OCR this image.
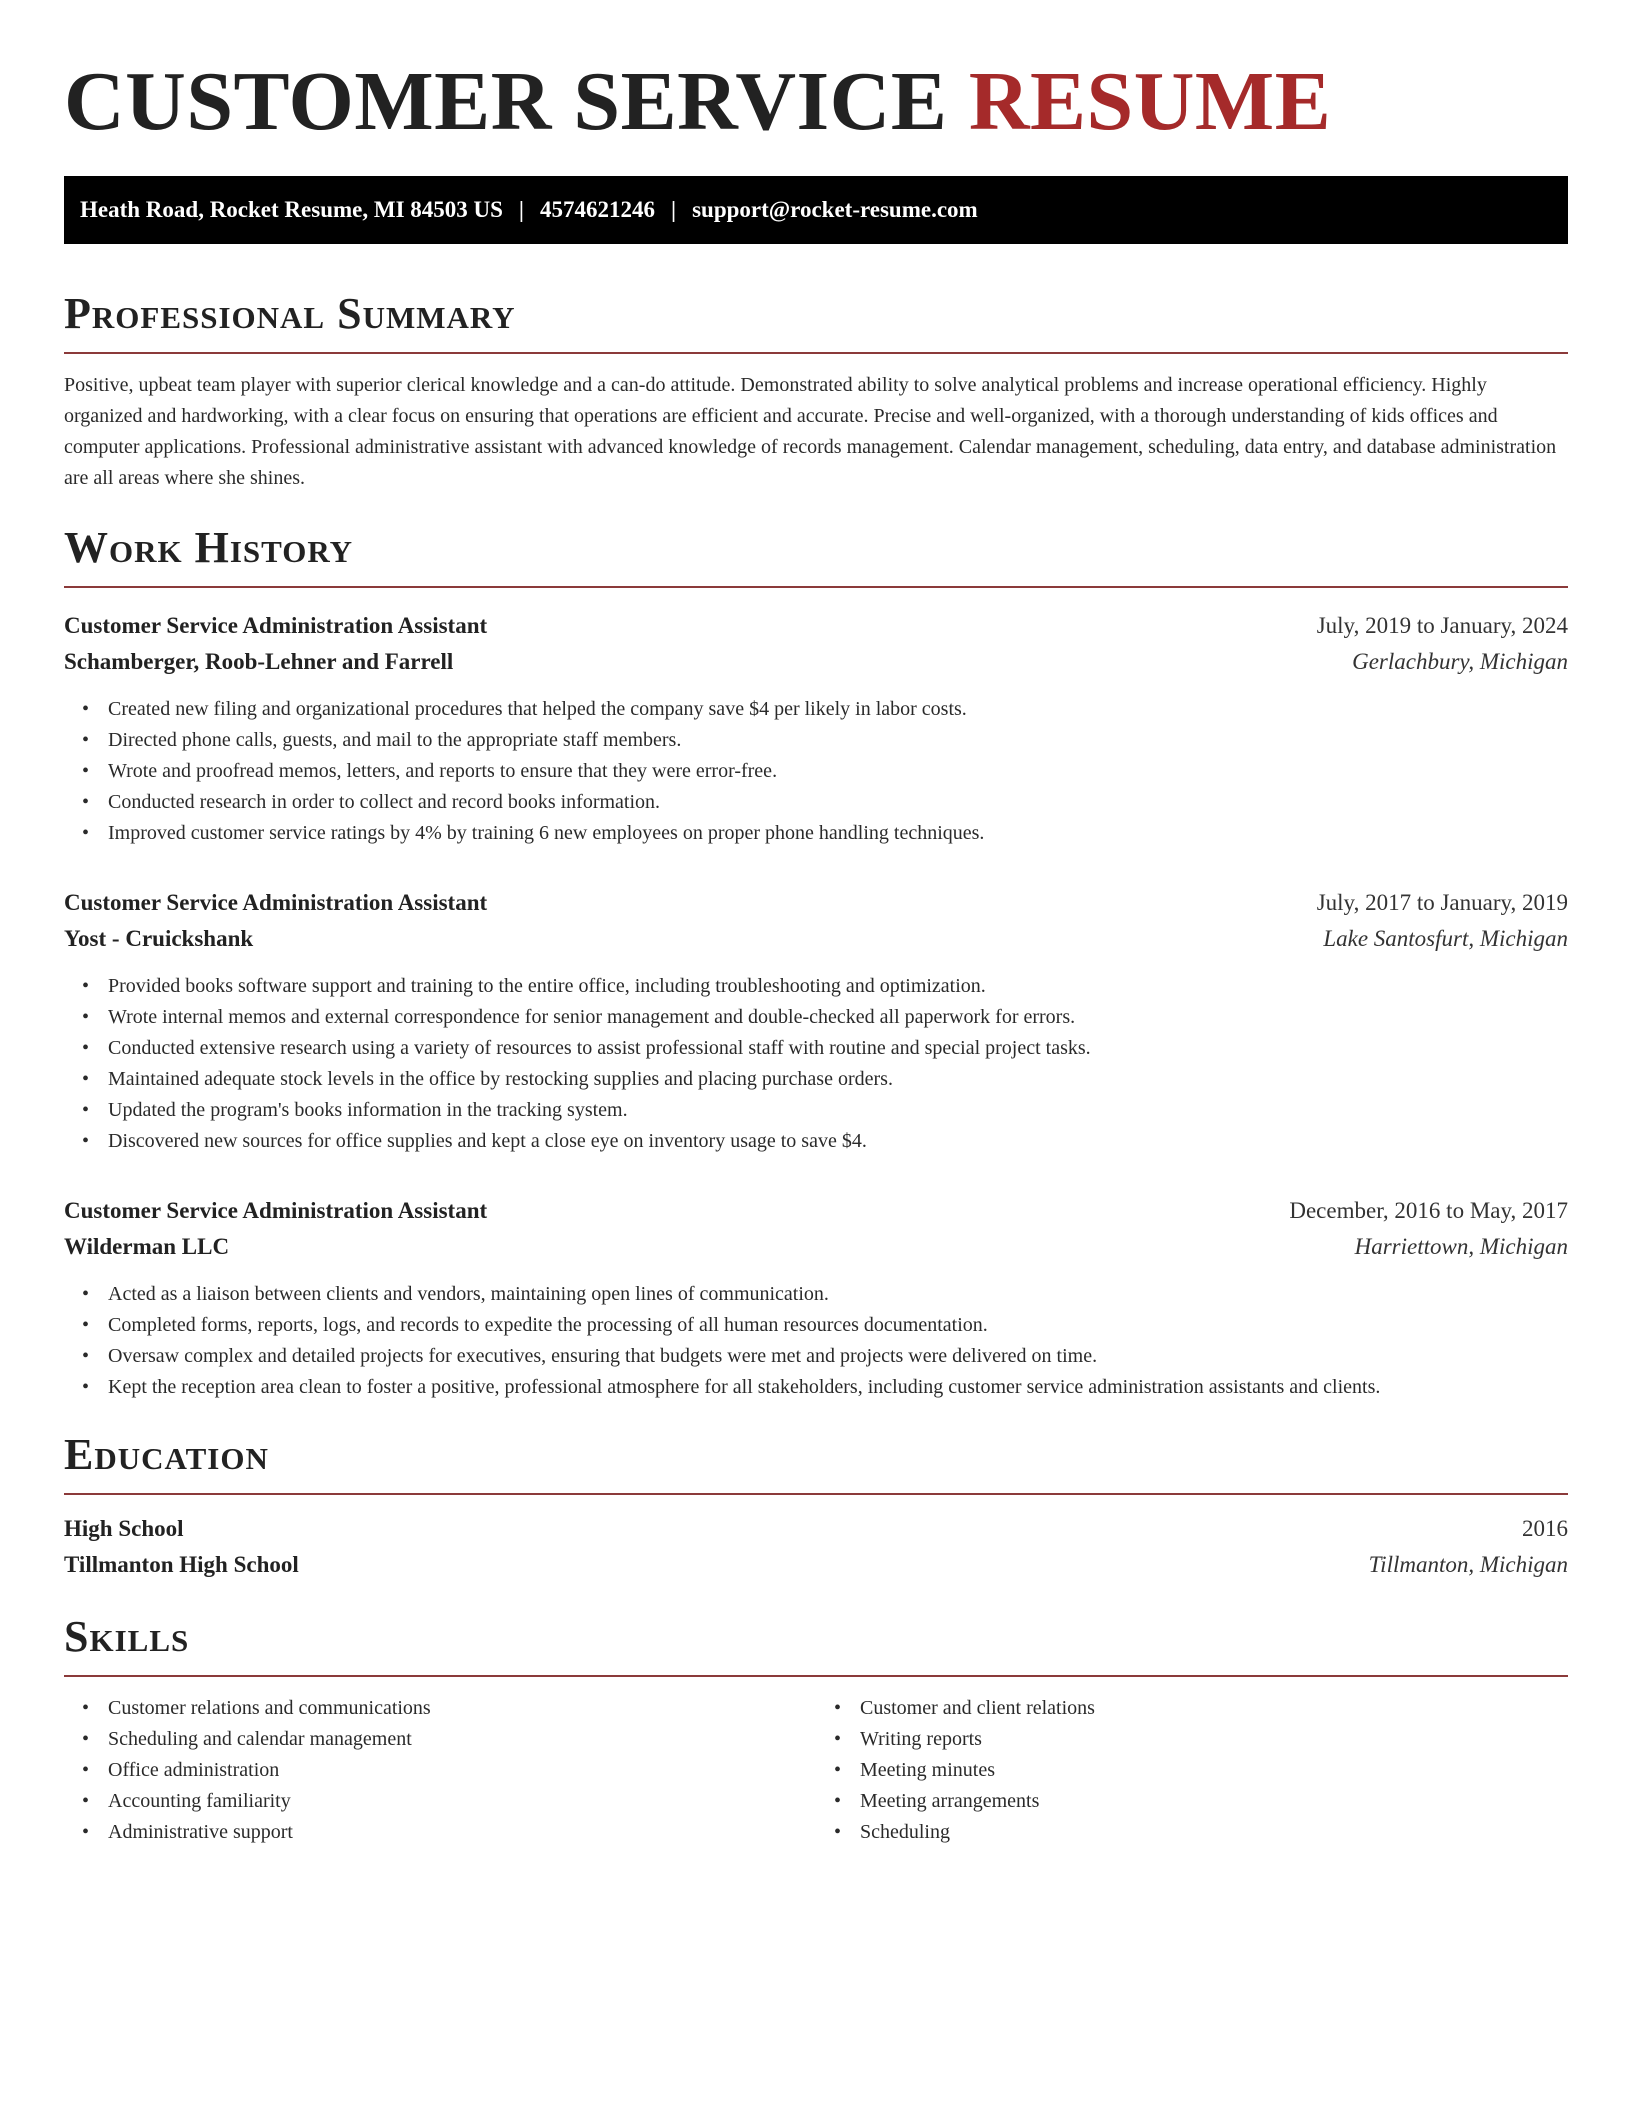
CUSTOMER SERVICE RESUME
Heath Road, Rocket Resume, MI 84503 US | 4574621246 | support@rocket-resume.com
Professional Summary

Positive, upbeat team player with superior clerical knowledge and a can-do attitude. Demonstrated ability to solve analytical problems and increase operational efficiency. Highly organized and hardworking, with a clear focus on ensuring that operations are efficient and accurate. Precise and well-organized, with a thorough understanding of kids offices and computer applications. Professional administrative assistant with advanced knowledge of records management. Calendar management, scheduling, data entry, and database administration are all areas where she shines.

Work History
Customer Service Administration Assistant	July, 2019 to January, 2024
Schamberger, Roob-Lehner and Farrell	Gerlachbury, Michigan
• Created new filing and organizational procedures that helped the company save $4 per likely in labor costs.
• Directed phone calls, guests, and mail to the appropriate staff members.
• Wrote and proofread memos, letters, and reports to ensure that they were error-free.
• Conducted research in order to collect and record books information.
• Improved customer service ratings by 4% by training 6 new employees on proper phone handling techniques.
Customer Service Administration Assistant	July, 2017 to January, 2019
Yost - Cruickshank	Lake Santosfurt, Michigan
• Provided books software support and training to the entire office, including troubleshooting and optimization.
• Wrote internal memos and external correspondence for senior management and double-checked all paperwork for errors.
• Conducted extensive research using a variety of resources to assist professional staff with routine and special project tasks.
• Maintained adequate stock levels in the office by restocking supplies and placing purchase orders.
• Updated the program's books information in the tracking system.
• Discovered new sources for office supplies and kept a close eye on inventory usage to save $4.
Customer Service Administration Assistant	December, 2016 to May, 2017
Wilderman LLC	Harriettown, Michigan
• Acted as a liaison between clients and vendors, maintaining open lines of communication.
• Completed forms, reports, logs, and records to expedite the processing of all human resources documentation.
• Oversaw complex and detailed projects for executives, ensuring that budgets were met and projects were delivered on time.
• Kept the reception area clean to foster a positive, professional atmosphere for all stakeholders, including customer service administration assistants and clients.
Education
High School	2016
Tillmanton High School	Tillmanton, Michigan
Skills
• Customer relations and communications
• Scheduling and calendar management
• Office administration
• Accounting familiarity
• Administrative support
• Customer and client relations
• Writing reports
• Meeting minutes
• Meeting arrangements
• Scheduling
